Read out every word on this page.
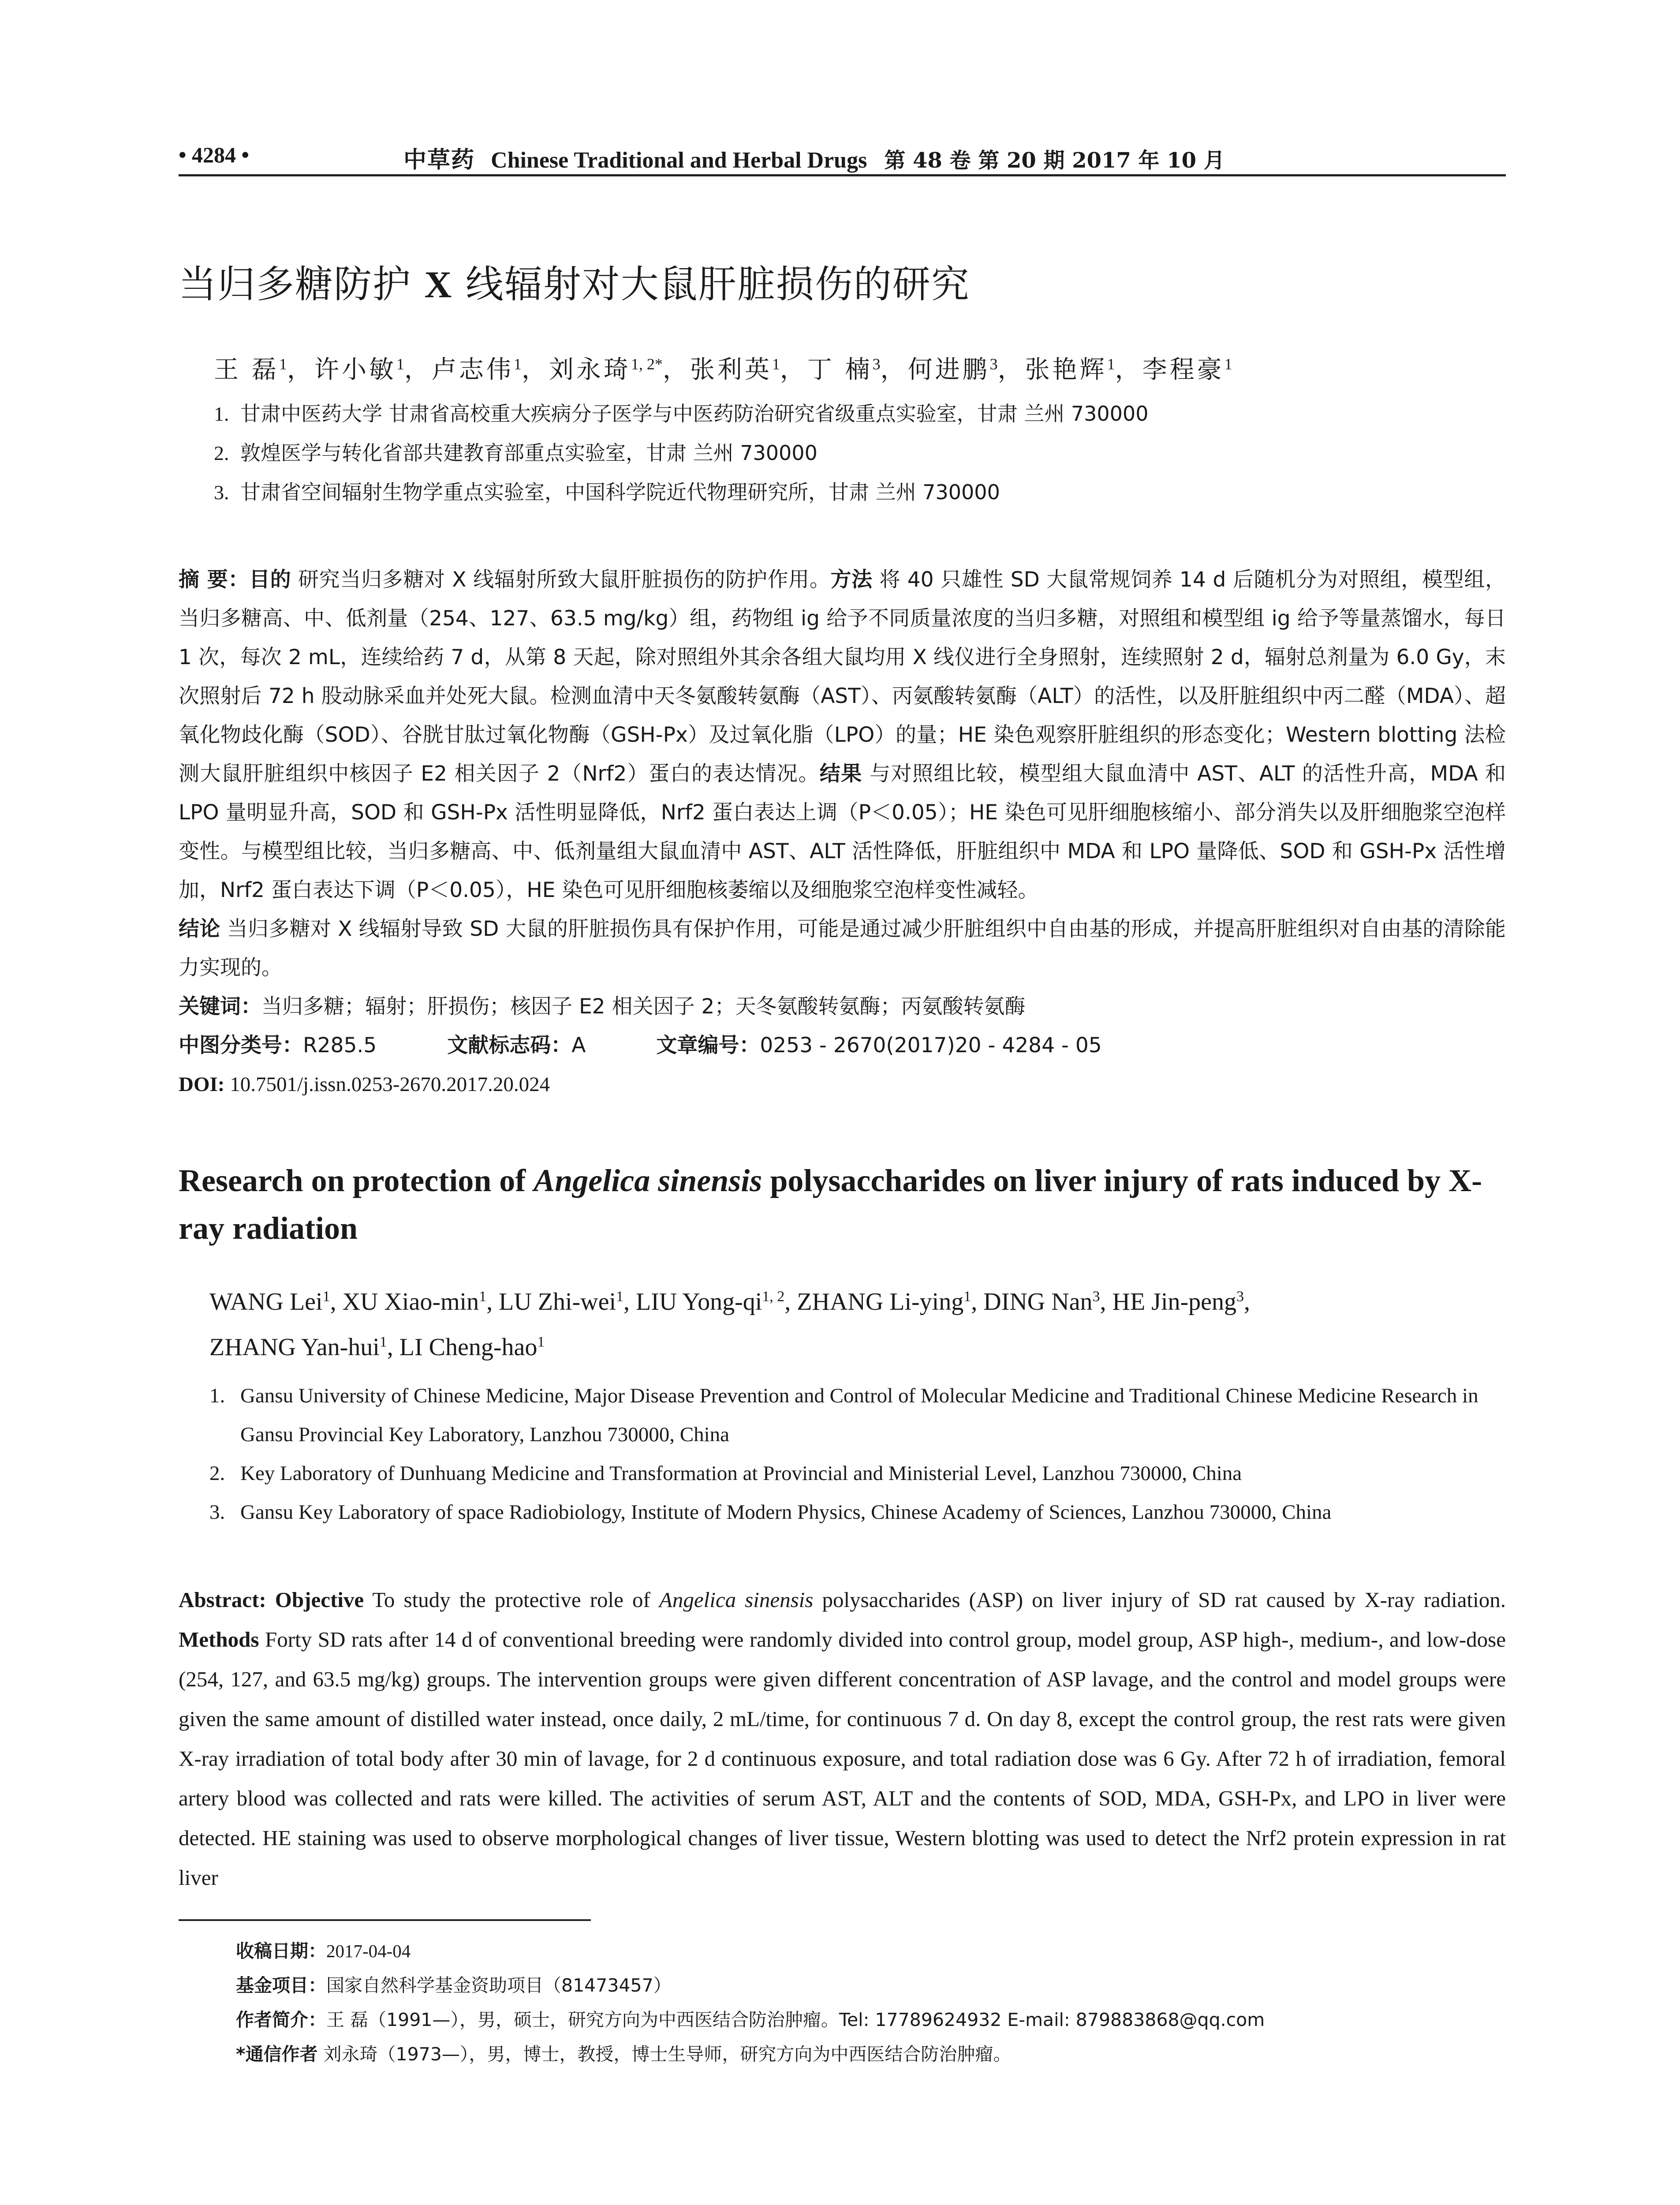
• 4284 •	中草药 Chinese Traditional and Herbal Drugs 第 48 卷 第 20 期 2017 年 10 月
当归多糖防护 X 线辐射对大鼠肝脏损伤的研究
王 磊$^1$，许小敏$^1$，卢志伟$^1$，刘永琦$^{1, 2*}$，张利英$^1$，丁 楠$^3$，何进鹏$^3$，张艳辉$^1$，李程豪$^1$
1. 甘肃中医药大学 甘肃省高校重大疾病分子医学与中医药防治研究省级重点实验室，甘肃 兰州 730000
2. 敦煌医学与转化省部共建教育部重点实验室，甘肃 兰州 730000
3. 甘肃省空间辐射生物学重点实验室，中国科学院近代物理研究所，甘肃 兰州 730000
摘 要：目的 研究当归多糖对 X 线辐射所致大鼠肝脏损伤的防护作用。方法 将 40 只雄性 SD 大鼠常规饲养 14 d 后随机分为对照组，模型组，当归多糖高、中、低剂量（254、127、63.5 mg/kg）组，药物组 ig 给予不同质量浓度的当归多糖，对照组和模型组 ig 给予等量蒸馏水，每日 1 次，每次 2 mL，连续给药 7 d，从第 8 天起，除对照组外其余各组大鼠均用 X 线仪进行全身照射，连续照射 2 d，辐射总剂量为 6.0 Gy，末次照射后 72 h 股动脉采血并处死大鼠。检测血清中天冬氨酸转氨酶（AST）、丙氨酸转氨酶（ALT）的活性，以及肝脏组织中丙二醛（MDA）、超氧化物歧化酶（SOD）、谷胱甘肽过氧化物酶（GSH-Px）及过氧化脂（LPO）的量；HE 染色观察肝脏组织的形态变化；Western blotting 法检测大鼠肝脏组织中核因子 E2 相关因子 2（Nrf2）蛋白的表达情况。结果 与对照组比较，模型组大鼠血清中 AST、ALT 的活性升高，MDA 和 LPO 量明显升高，SOD 和 GSH-Px 活性明显降低，Nrf2 蛋白表达上调（P＜0.05）；HE 染色可见肝细胞核缩小、部分消失以及肝细胞浆空泡样变性。与模型组比较，当归多糖高、中、低剂量组大鼠血清中 AST、ALT 活性降低，肝脏组织中 MDA 和 LPO 量降低、SOD 和 GSH-Px 活性增加，Nrf2 蛋白表达下调（P＜0.05），HE 染色可见肝细胞核萎缩以及细胞浆空泡样变性减轻。
结论 当归多糖对 X 线辐射导致 SD 大鼠的肝脏损伤具有保护作用，可能是通过减少肝脏组织中自由基的形成，并提高肝脏组织对自由基的清除能力实现的。
关键词：当归多糖；辐射；肝损伤；核因子 E2 相关因子 2；天冬氨酸转氨酶；丙氨酸转氨酶
中图分类号：R285.5	文献标志码：A	文章编号：0253 - 2670(2017)20 - 4284 - 05
DOI: 10.7501/j.issn.0253-2670.2017.20.024
Research on protection of Angelica sinensis polysaccharides on liver injury of rats induced by X-ray radiation
WANG Lei$^1$, XU Xiao-$\min^1$, LU Zhi-wei$^1$, LIU Yong-qi$^{1, 2}$, ZHANG Li-ying$^1$, DING Nan$^3$, HE Jin-peng$^3$,
ZHANG Yan-hui$^1$, LI Cheng-hao$^1$
1. Gansu University of Chinese Medicine, Major Disease Prevention and Control of Molecular Medicine and Traditional Chinese Medicine Research in Gansu Provincial Key Laboratory, Lanzhou 730000, China
2. Key Laboratory of Dunhuang Medicine and Transformation at Provincial and Ministerial Level, Lanzhou 730000, China
3. Gansu Key Laboratory of space Radiobiology, Institute of Modern Physics, Chinese Academy of Sciences, Lanzhou 730000, China
Abstract: Objective To study the protective role of Angelica sinensis polysaccharides (ASP) on liver injury of SD rat caused by X-ray radiation. Methods Forty SD rats after 14 d of conventional breeding were randomly divided into control group, model group, ASP high-, medium-, and low-dose (254, 127, and 63.5 mg/kg) groups. The intervention groups were given different concentration of ASP lavage, and the control and model groups were given the same amount of distilled water instead, once daily, 2 mL/time, for continuous 7 d. On day 8, except the control group, the rest rats were given X-ray irradiation of total body after 30 min of lavage, for 2 d continuous exposure, and total radiation dose was 6 Gy. After 72 h of irradiation, femoral artery blood was collected and rats were killed. The activities of serum AST, ALT and the contents of SOD, MDA, GSH-Px, and LPO in liver were detected. HE staining was used to observe morphological changes of liver tissue, Western blotting was used to detect the Nrf2 protein expression in rat liver
收稿日期：2017-04-04
基金项目：国家自然科学基金资助项目（81473457）
作者简介：王 磊（1991—），男，硕士，研究方向为中西医结合防治肿瘤。Tel: 17789624932 E-mail: 879883868@qq.com
*通信作者 刘永琦（1973—），男，博士，教授，博士生导师，研究方向为中西医结合防治肿瘤。
